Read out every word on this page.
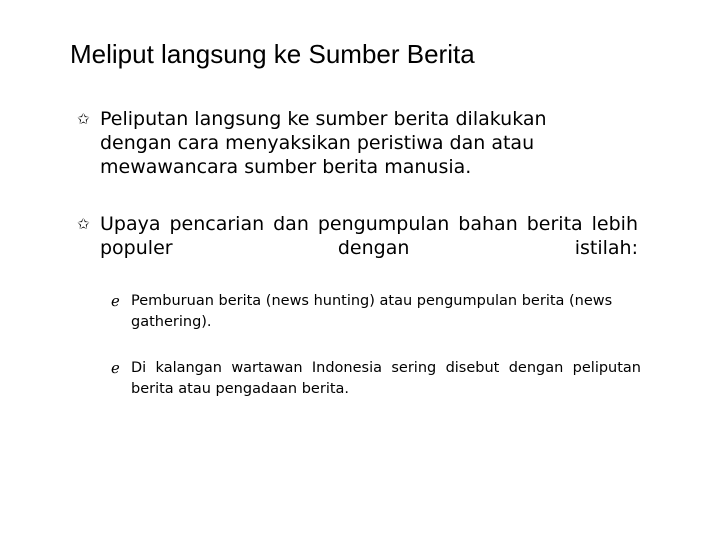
Meliput langsung ke Sumber Berita
✩ Peliputan langsung ke sumber berita dilakukan dengan cara menyaksikan peristiwa dan atau mewawancara sumber berita manusia.
✩ Upaya pencarian dan pengumpulan bahan berita lebih populer dengan istilah:
ℯ Pemburuan berita (news hunting) atau pengumpulan berita (news gathering).
ℯ Di kalangan wartawan Indonesia sering disebut dengan peliputan berita atau pengadaan berita.
